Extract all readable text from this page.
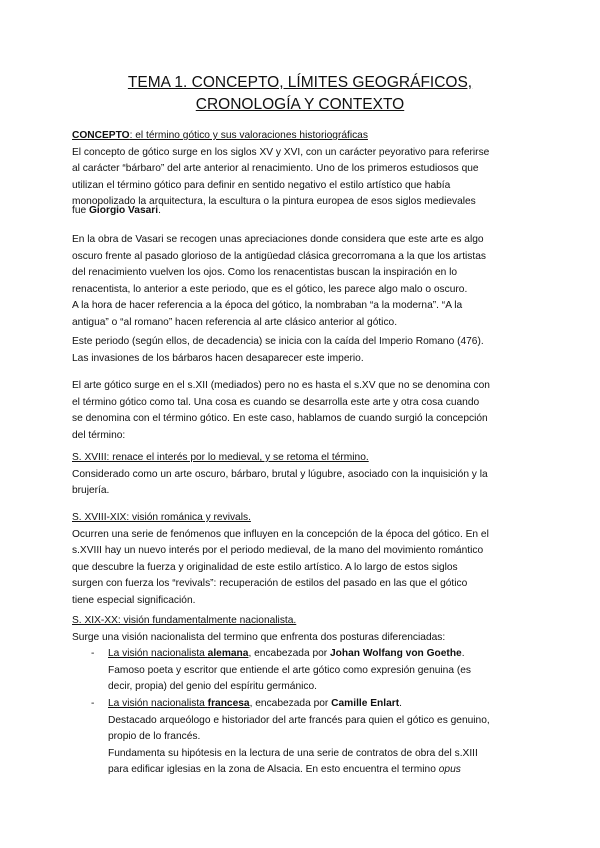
TEMA 1. CONCEPTO, LÍMITES GEOGRÁFICOS,
CRONOLOGÍA Y CONTEXTO
CONCEPTO: el término gótico y sus valoraciones historiográficas
El concepto de gótico surge en los siglos XV y XVI, con un carácter peyorativo para referirse
al carácter “bárbaro” del arte anterior al renacimiento. Uno de los primeros estudiosos que
utilizan el término gótico para definir en sentido negativo el estilo artístico que había
monopolizado la arquitectura, la escultura o la pintura europea de esos siglos medievales
fue Giorgio Vasari.
En la obra de Vasari se recogen unas apreciaciones donde considera que este arte es algo
oscuro frente al pasado glorioso de la antigüedad clásica grecorromana a la que los artistas
del renacimiento vuelven los ojos. Como los renacentistas buscan la inspiración en lo
renacentista, lo anterior a este periodo, que es el gótico, les parece algo malo o oscuro.
A la hora de hacer referencia a la época del gótico, la nombraban “a la moderna”. “A la
antigua” o “al romano” hacen referencia al arte clásico anterior al gótico.
Este periodo (según ellos, de decadencia) se inicia con la caída del Imperio Romano (476).
Las invasiones de los bárbaros hacen desaparecer este imperio.
El arte gótico surge en el s.XII (mediados) pero no es hasta el s.XV que no se denomina con
el término gótico como tal. Una cosa es cuando se desarrolla este arte y otra cosa cuando
se denomina con el término gótico. En este caso, hablamos de cuando surgió la concepción
del término:
S. XVIII: renace el interés por lo medieval, y se retoma el término.
Considerado como un arte oscuro, bárbaro, brutal y lúgubre, asociado con la inquisición y la
brujería.
S. XVIII-XIX: visión románica y revivals.
Ocurren una serie de fenómenos que influyen en la concepción de la época del gótico. En el
s.XVIII hay un nuevo interés por el periodo medieval, de la mano del movimiento romántico
que descubre la fuerza y originalidad de este estilo artístico. A lo largo de estos siglos
surgen con fuerza los “revivals”: recuperación de estilos del pasado en las que el gótico
tiene especial significación.
S. XIX-XX: visión fundamentalmente nacionalista.
Surge una visión nacionalista del termino que enfrenta dos posturas diferenciadas:
- La visión nacionalista alemana, encabezada por Johan Wolfang von Goethe.
Famoso poeta y escritor que entiende el arte gótico como expresión genuina (es
decir, propia) del genio del espíritu germánico.
- La visión nacionalista francesa, encabezada por Camille Enlart.
Destacado arqueólogo e historiador del arte francés para quien el gótico es genuino,
propio de lo francés.
Fundamenta su hipótesis en la lectura de una serie de contratos de obra del s.XIII
para edificar iglesias en la zona de Alsacia. En esto encuentra el termino opus
